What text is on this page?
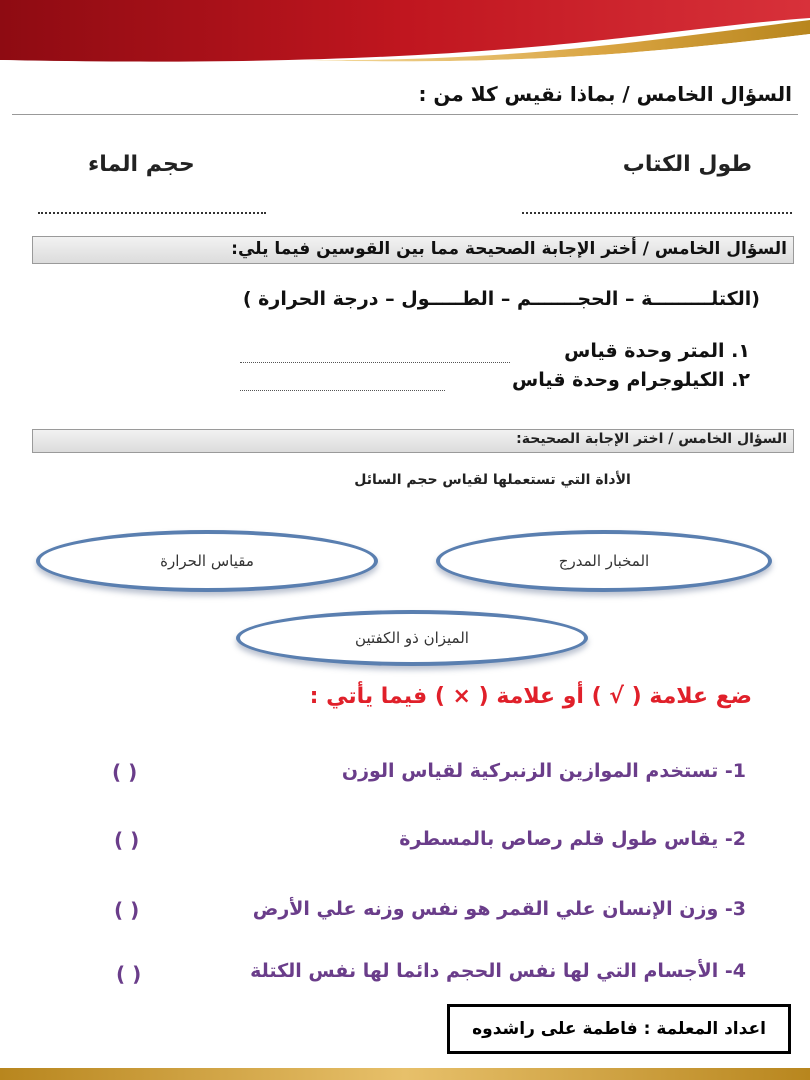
السؤال الخامس / بماذا نقيس كلا من :
طول الكتاب
حجم الماء
السؤال الخامس / أختر الإجابة الصحيحة مما بين القوسين فيما يلي:
(الكتلـــــــــة – الحجـــــــم – الطـــــول – درجة الحرارة )
١. المتر وحدة قياس
٢. الكيلوجرام وحدة قياس
السؤال الخامس / اختر الإجابة الصحيحة:
الأداة التي تستعملها لقياس حجم السائل
المخبار المدرج
مقياس الحرارة
الميزان ذو الكفتين
ضع علامة ( √ ) أو علامة ( × ) فيما يأتي :
1- تستخدم الموازين الزنبركية لقياس الوزن
( )
2- يقاس طول قلم رصاص بالمسطرة
( )
3- وزن الإنسان علي القمر هو نفس وزنه علي الأرض
( )
4- الأجسام التي لها نفس الحجم دائما لها نفس الكتلة
( )
اعداد المعلمة : فاطمة على راشدوه
